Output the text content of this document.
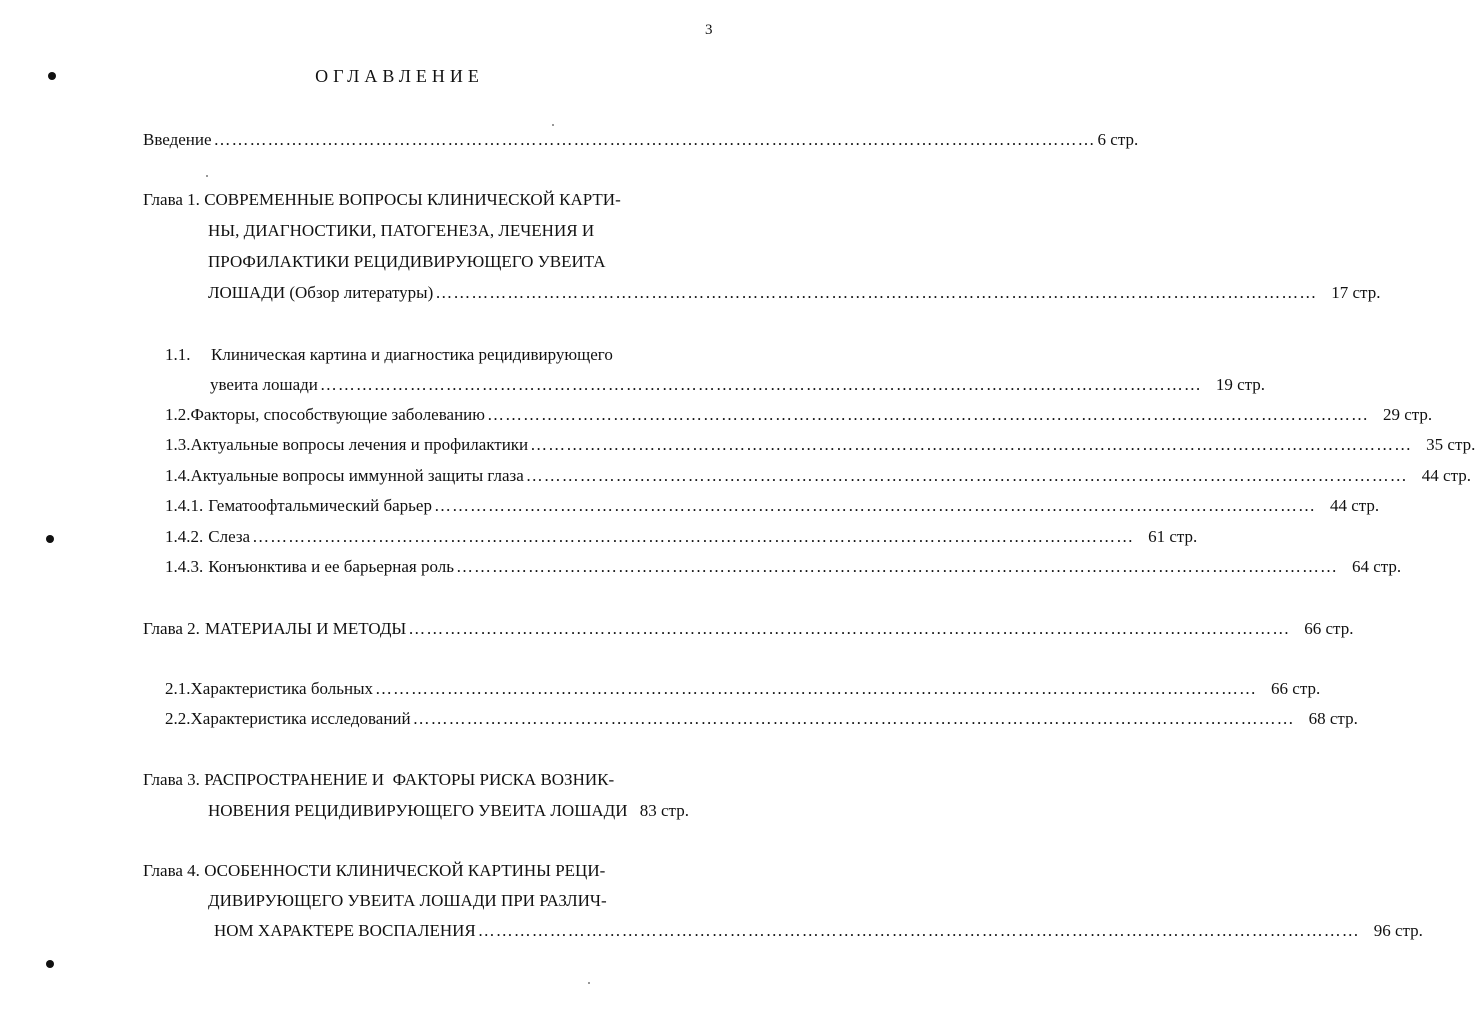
3
ОГЛАВЛЕНИЕ
Введение ………………………………………………………………………………………………………………………………… 6 стр.
Глава 1. СОВРЕМЕННЫЕ ВОПРОСЫ КЛИНИЧЕСКОЙ КАРТИ-
НЫ, ДИАГНОСТИКИ, ПАТОГЕНЕЗА, ЛЕЧЕНИЯ И
ПРОФИЛАКТИКИ РЕЦИДИВИРУЮЩЕГО УВЕИТА
ЛОШАДИ (Обзор литературы) ………………………………………………………………………………………………………………………………… 17 стр.
1.1. Клиническая картина и диагностика рецидивирующего
увеита лошади ………………………………………………………………………………………………………………………………… 19 стр.
1.2. Факторы, способствующие заболеванию ………………………………………………………………………………………………………………………………… 29 стр.
1.3. Актуальные вопросы лечения и профилактики ………………………………………………………………………………………………………………………………… 35 стр.
1.4. Актуальные вопросы иммунной защиты глаза ………………………………………………………………………………………………………………………………… 44 стр.
1.4.1. Гематоофтальмический барьер ………………………………………………………………………………………………………………………………… 44 стр.
1.4.2. Слеза ………………………………………………………………………………………………………………………………… 61 стр.
1.4.3. Конъюнктива и ее барьерная роль ………………………………………………………………………………………………………………………………… 64 стр.
Глава 2. МАТЕРИАЛЫ И МЕТОДЫ ………………………………………………………………………………………………………………………………… 66 стр.
2.1. Характеристика больных ………………………………………………………………………………………………………………………………… 66 стр.
2.2. Характеристика исследований ………………………………………………………………………………………………………………………………… 68 стр.
Глава 3. РАСПРОСТРАНЕНИЕ И  ФАКТОРЫ РИСКА ВОЗНИК-
НОВЕНИЯ РЕЦИДИВИРУЮЩЕГО УВЕИТА ЛОШАДИ 83 стр.
Глава 4. ОСОБЕННОСТИ КЛИНИЧЕСКОЙ КАРТИНЫ РЕЦИ-
ДИВИРУЮЩЕГО УВЕИТА ЛОШАДИ ПРИ РАЗЛИЧ-
НОМ ХАРАКТЕРЕ ВОСПАЛЕНИЯ ………………………………………………………………………………………………………………………………… 96 стр.
